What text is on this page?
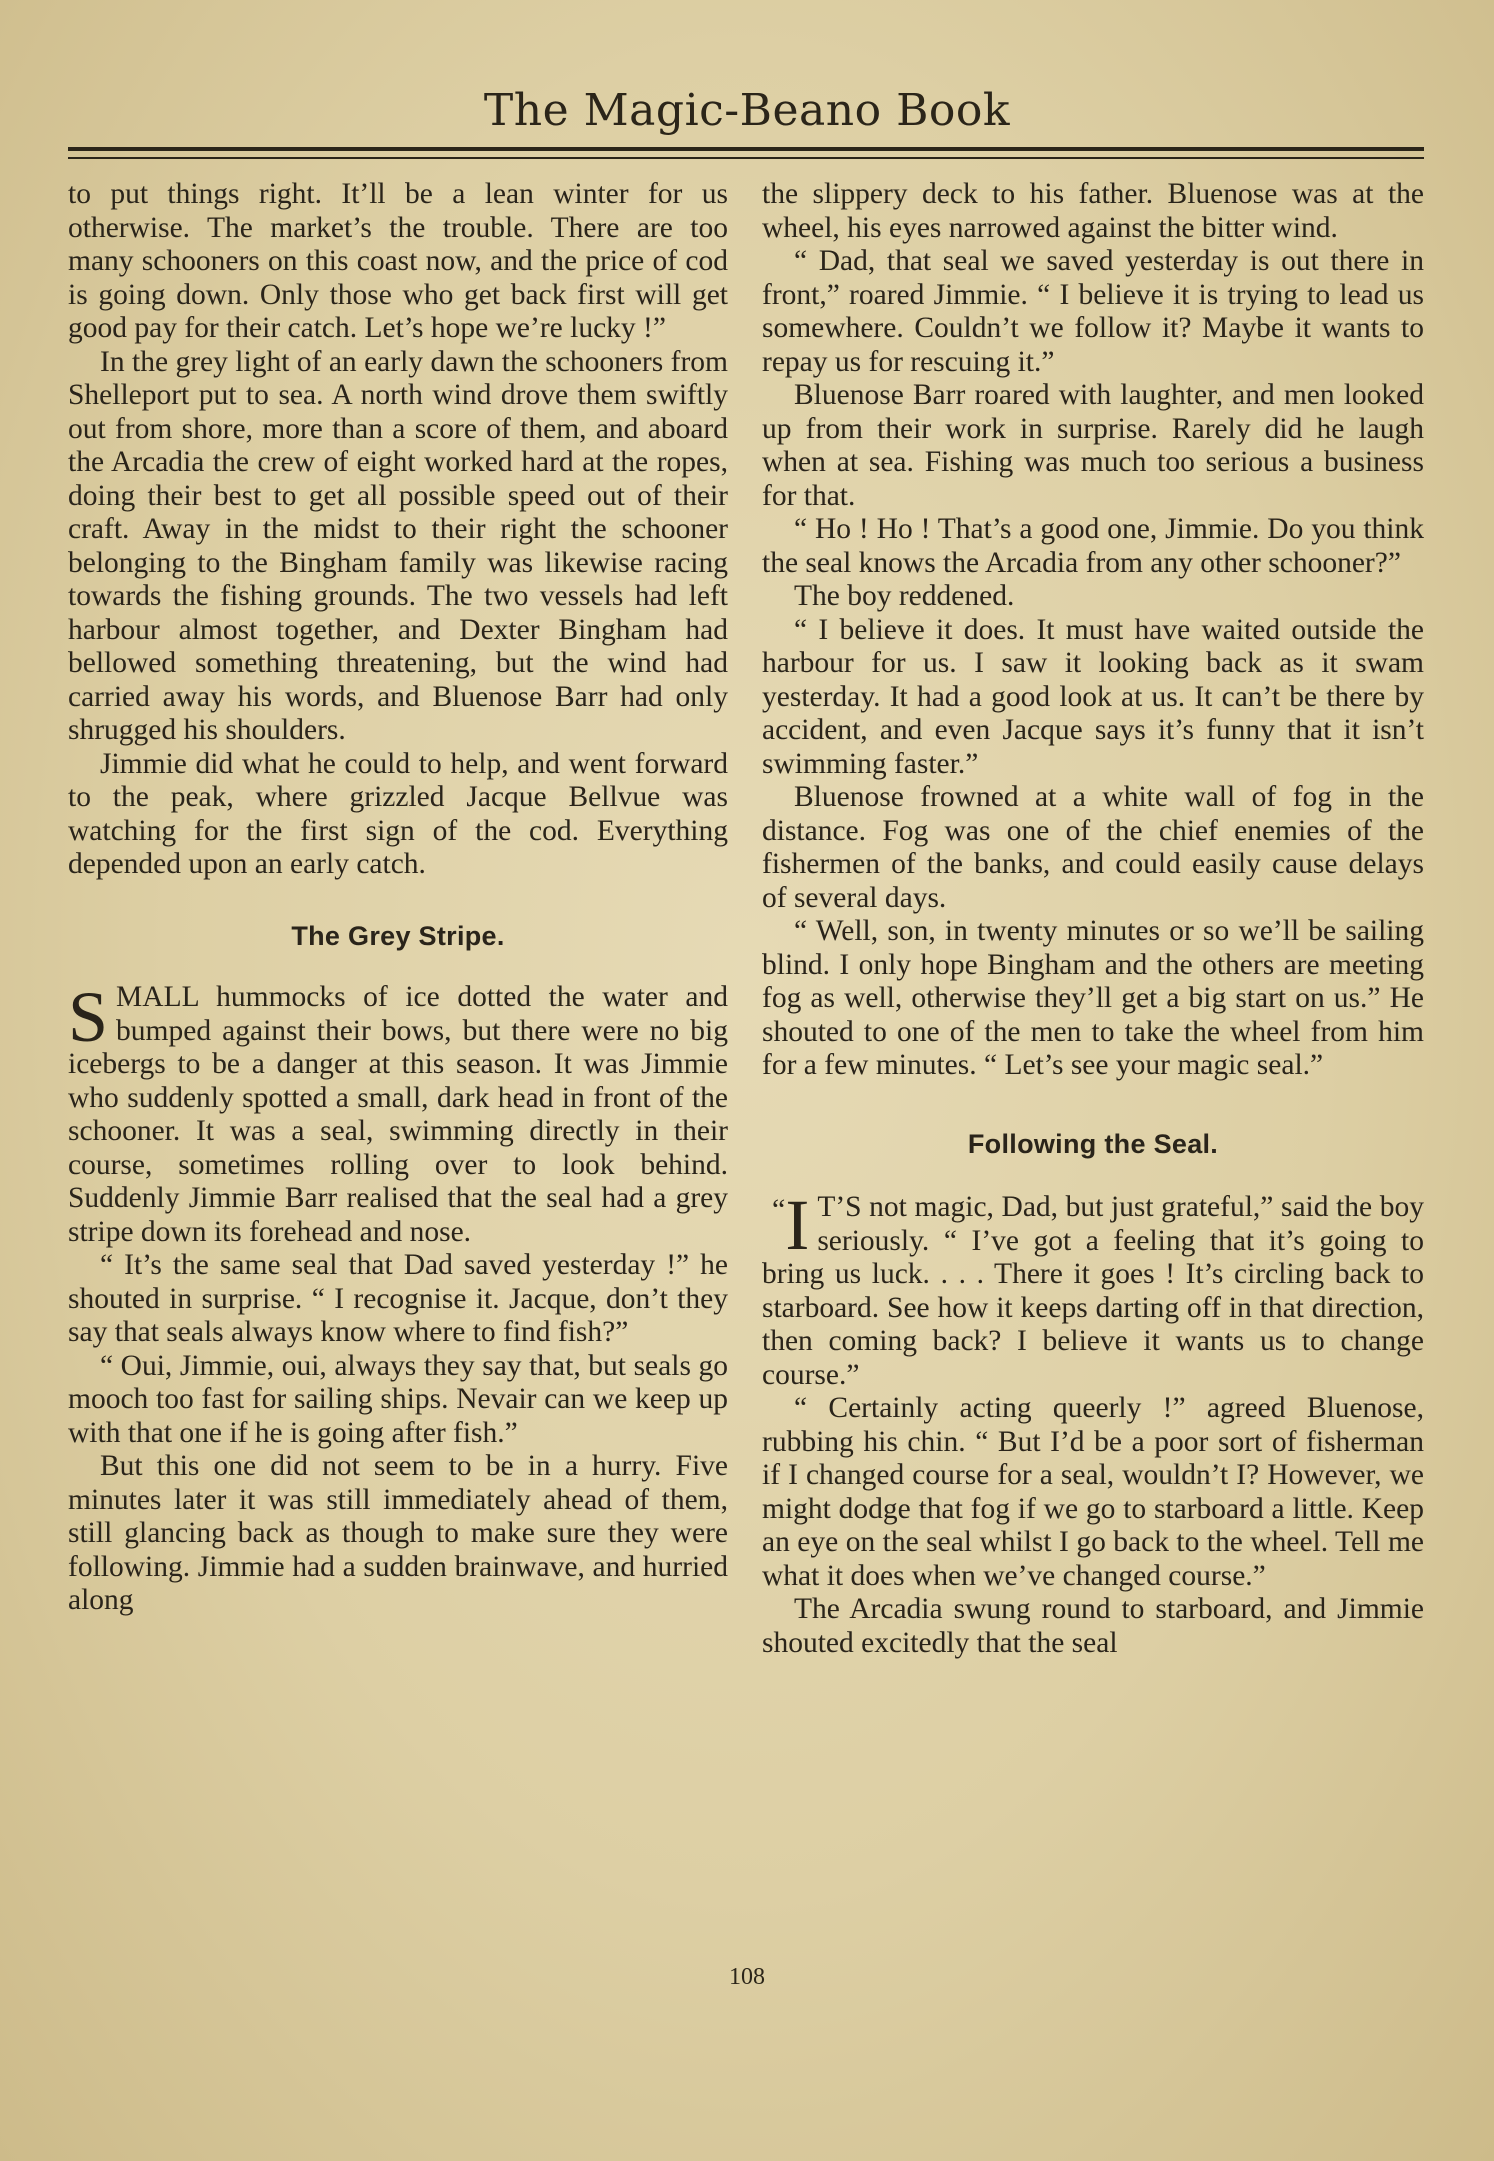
The Magic-Beano Book

to put things right. It’ll be a lean winter for us otherwise. The market’s the trouble. There are too many schooners on this coast now, and the price of cod is going down. Only those who get back first will get good pay for their catch. Let’s hope we’re lucky !”

In the grey light of an early dawn the schooners from Shelleport put to sea. A north wind drove them swiftly out from shore, more than a score of them, and aboard the Arcadia the crew of eight worked hard at the ropes, doing their best to get all possible speed out of their craft. Away in the midst to their right the schooner belonging to the Bingham family was likewise racing towards the fishing grounds. The two vessels had left harbour almost together, and Dexter Bingham had bellowed something threatening, but the wind had carried away his words, and Bluenose Barr had only shrugged his shoulders.

Jimmie did what he could to help, and went forward to the peak, where grizzled Jacque Bellvue was watching for the first sign of the cod. Everything depended upon an early catch.

The Grey Stripe.

SMALL hummocks of ice dotted the water and bumped against their bows, but there were no big icebergs to be a danger at this season. It was Jimmie who suddenly spotted a small, dark head in front of the schooner. It was a seal, swimming directly in their course, sometimes rolling over to look behind. Suddenly Jimmie Barr realised that the seal had a grey stripe down its forehead and nose.

“ It’s the same seal that Dad saved yesterday !” he shouted in surprise. “ I recognise it. Jacque, don’t they say that seals always know where to find fish?”

“ Oui, Jimmie, oui, always they say that, but seals go mooch too fast for sailing ships. Nevair can we keep up with that one if he is going after fish.”

But this one did not seem to be in a hurry. Five minutes later it was still immediately ahead of them, still glancing back as though to make sure they were following. Jimmie had a sudden brainwave, and hurried along

the slippery deck to his father. Bluenose was at the wheel, his eyes narrowed against the bitter wind.

“ Dad, that seal we saved yesterday is out there in front,” roared Jimmie. “ I believe it is trying to lead us somewhere. Couldn’t we follow it? Maybe it wants to repay us for rescuing it.”

Bluenose Barr roared with laughter, and men looked up from their work in surprise. Rarely did he laugh when at sea. Fishing was much too serious a business for that.

“ Ho ! Ho ! That’s a good one, Jimmie. Do you think the seal knows the Arcadia from any other schooner?”

The boy reddened.

“ I believe it does. It must have waited outside the harbour for us. I saw it looking back as it swam yesterday. It had a good look at us. It can’t be there by accident, and even Jacque says it’s funny that it isn’t swimming faster.”

Bluenose frowned at a white wall of fog in the distance. Fog was one of the chief enemies of the fishermen of the banks, and could easily cause delays of several days.

“ Well, son, in twenty minutes or so we’ll be sailing blind. I only hope Bingham and the others are meeting fog as well, otherwise they’ll get a big start on us.” He shouted to one of the men to take the wheel from him for a few minutes. “ Let’s see your magic seal.”

Following the Seal.

“I T’S not magic, Dad, but just grateful,” said the boy seriously. “ I’ve got a feeling that it’s going to bring us luck. . . . There it goes ! It’s circling back to starboard. See how it keeps darting off in that direction, then coming back? I believe it wants us to change course.”

“ Certainly acting queerly !” agreed Bluenose, rubbing his chin. “ But I’d be a poor sort of fisherman if I changed course for a seal, wouldn’t I? However, we might dodge that fog if we go to starboard a little. Keep an eye on the seal whilst I go back to the wheel. Tell me what it does when we’ve changed course.”

The Arcadia swung round to starboard, and Jimmie shouted excitedly that the seal

108
